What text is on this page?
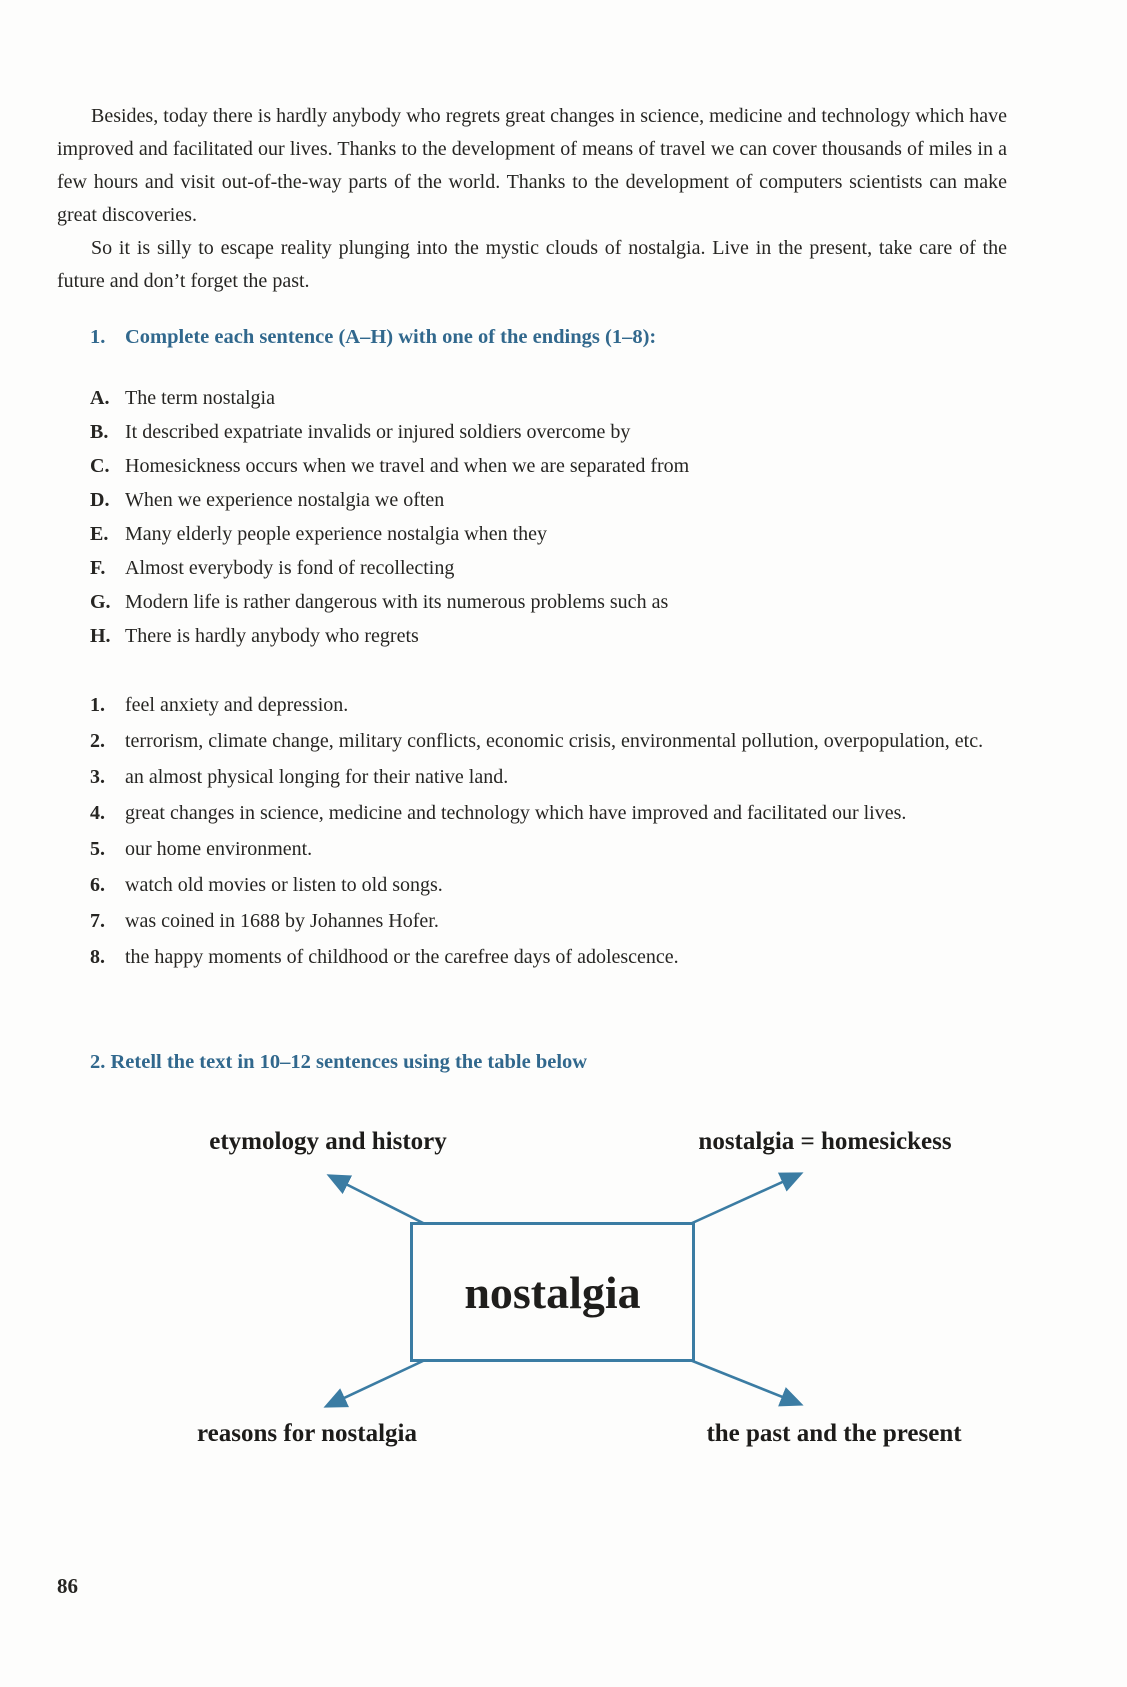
Besides, today there is hardly anybody who regrets great changes in science, medicine and technology which have improved and facilitated our lives. Thanks to the development of means of travel we can cover thousands of miles in a few hours and visit out-of-the-way parts of the world. Thanks to the development of computers scientists can make great discoveries.

So it is silly to escape reality plunging into the mystic clouds of nostalgia. Live in the present, take care of the future and don’t forget the past.

1. Complete each sentence (A–H) with one of the endings (1–8):
A. The term nostalgia
B. It described expatriate invalids or injured soldiers overcome by
C. Homesickness occurs when we travel and when we are separated from
D. When we experience nostalgia we often
E. Many elderly people experience nostalgia when they
F. Almost everybody is fond of recollecting
G. Modern life is rather dangerous with its numerous problems such as
H. There is hardly anybody who regrets
1.	feel anxiety and depression.
2.	terrorism, climate change, military conflicts, economic crisis, environmental pollution, overpopulation, etc.
3.	an almost physical longing for their native land.
4.	great changes in science, medicine and technology which have improved and facilitated our lives.
5.	our home environment.
6.	watch old movies or listen to old songs.
7.	was coined in 1688 by Johannes Hofer.
8.	the happy moments of childhood or the carefree days of adolescence.
2. Retell the text in 10–12 sentences using the table below
etymology and history	nostalgia = homesickess
nostalgia
reasons for nostalgia	the past and the present
86
